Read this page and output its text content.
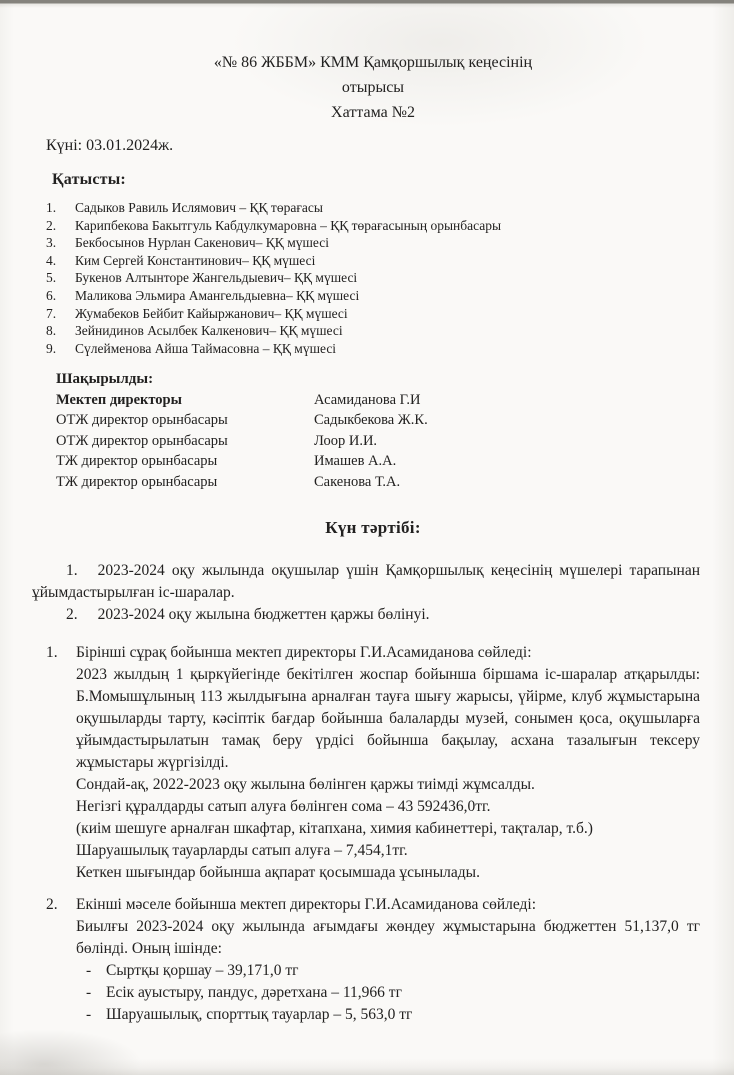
«№ 86 ЖББМ» КММ Қамқоршылық кеңесінің
отырысы
Хаттама №2
Күні: 03.01.2024ж.
Қатысты:
1.	Садыков Равиль Ислямович – ҚҚ төрағасы
2.	Карипбекова Бакытгуль Кабдулкумаровна – ҚҚ төрағасының орынбасары
3.	Бекбосынов Нурлан Сакенович– ҚҚ мүшесі
4.	Ким Сергей Константинович– ҚҚ мүшесі
5.	Букенов Алтынторе Жангельдыевич– ҚҚ мүшесі
6.	Маликова Эльмира Амангельдыевна– ҚҚ мүшесі
7.	Жумабеков Бейбит Кайыржанович– ҚҚ мүшесі
8.	Зейнидинов Асылбек Калкенович– ҚҚ мүшесі
9.	Сүлейменова Айша Таймасовна – ҚҚ мүшесі
Шақырылды:
Мектеп директоры	Асамиданова Г.И
ОТЖ директор орынбасары	Садыкбекова Ж.К.
ОТЖ директор орынбасары	Лоор И.И.
ТЖ директор орынбасары	Имашев А.А.
ТЖ директор орынбасары	Сакенова Т.А.
Күн тәртібі:
1. 2023-2024 оқу жылында оқушылар үшін Қамқоршылық кеңесінің мүшелері тарапынан ұйымдастырылған іс-шаралар.
2. 2023-2024 оқу жылына бюджеттен қаржы бөлінуі.
1.	Бірінші сұрақ бойынша мектеп директоры Г.И.Асамиданова сөйледі:

2023 жылдың 1 қыркүйегінде бекітілген жоспар бойынша біршама іс-шаралар атқарылды: Б.Момышұлының 113 жылдығына арналған тауға шығу жарысы, үйірме, клуб жұмыстарына оқушыларды тарту, кәсіптік бағдар бойынша балаларды музей, сонымен қоса, оқушыларға ұйымдастырылатын тамақ беру үрдісі бойынша бақылау, асхана тазалығын тексеру жұмыстары жүргізілді.

Сондай-ақ, 2022-2023 оқу жылына бөлінген қаржы тиімді жұмсалды.

Негізгі құралдарды сатып алуға бөлінген сома – 43 592436,0тг.

(киім шешуге арналған шкафтар, кітапхана, химия кабинеттері, тақталар, т.б.)

Шаруашылық тауарларды сатып алуға – 7,454,1тг.

Кеткен шығындар бойынша ақпарат қосымшада ұсынылады.

2.	Екінші мәселе бойынша мектеп директоры Г.И.Асамиданова сөйледі:

Биылғы 2023-2024 оқу жылында ағымдағы жөндеу жұмыстарына бюджеттен 51,137,0 тг бөлінді. Оның ішінде:

- Сыртқы қоршау – 39,171,0 тг
- Есік ауыстыру, пандус, дәретхана – 11,966 тг
- Шаруашылық, спорттық тауарлар – 5, 563,0 тг
